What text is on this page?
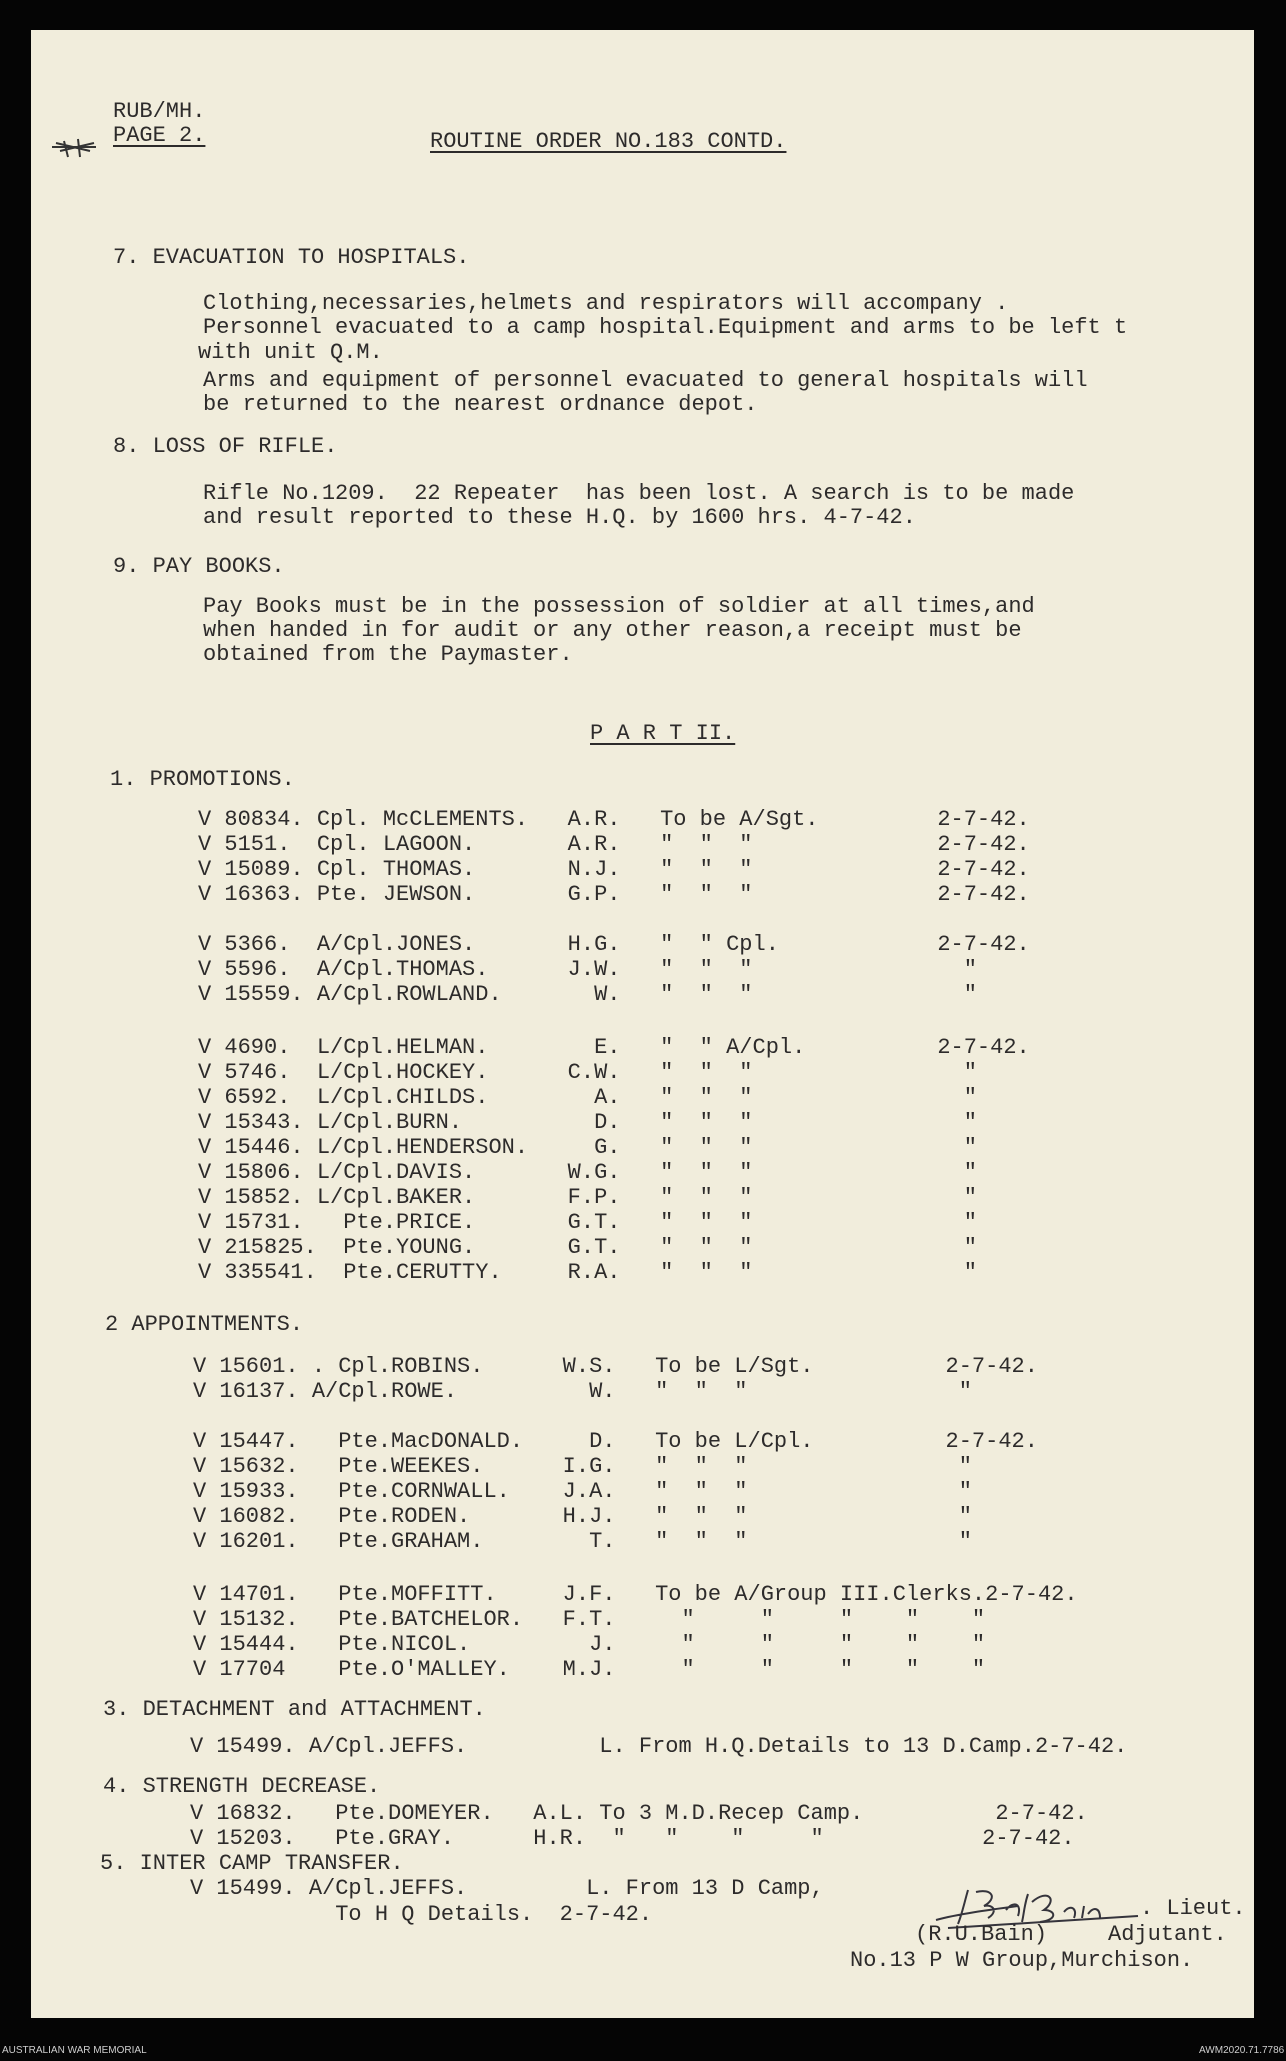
RUB/MH.
PAGE 2.	ROUTINE ORDER NO.183 CONTD.
7. EVACUATION TO HOSPITALS.
Clothing,necessaries,helmets and respirators will accompany .
Personnel evacuated to a camp hospital.Equipment and arms to be left t
with unit Q.M.
Arms and equipment of personnel evacuated to general hospitals will
be returned to the nearest ordnance depot.
8. LOSS OF RIFLE.
Rifle No.1209.  22 Repeater  has been lost. A search is to be made
and result reported to these H.Q. by 1600 hrs. 4-7-42.
9. PAY BOOKS.
Pay Books must be in the possession of soldier at all times,and
when handed in for audit or any other reason,a receipt must be
obtained from the Paymaster.
P A R T II.
1. PROMOTIONS.
V 80834. Cpl. McCLEMENTS.   A.R.   To be A/Sgt.         2-7-42.
V 5151.  Cpl. LAGOON.       A.R.   "  "  "              2-7-42.
V 15089. Cpl. THOMAS.       N.J.   "  "  "              2-7-42.
V 16363. Pte. JEWSON.       G.P.   "  "  "              2-7-42.
V 5366.  A/Cpl.JONES.       H.G.   "  " Cpl.            2-7-42.
V 5596.  A/Cpl.THOMAS.      J.W.   "  "  "                "
V 15559. A/Cpl.ROWLAND.       W.   "  "  "                "
V 4690.  L/Cpl.HELMAN.        E.   "  " A/Cpl.          2-7-42.
V 5746.  L/Cpl.HOCKEY.      C.W.   "  "  "                "
V 6592.  L/Cpl.CHILDS.        A.   "  "  "                "
V 15343. L/Cpl.BURN.          D.   "  "  "                "
V 15446. L/Cpl.HENDERSON.     G.   "  "  "                "
V 15806. L/Cpl.DAVIS.       W.G.   "  "  "                "
V 15852. L/Cpl.BAKER.       F.P.   "  "  "                "
V 15731.   Pte.PRICE.       G.T.   "  "  "                "
V 215825.  Pte.YOUNG.       G.T.   "  "  "                "
V 335541.  Pte.CERUTTY.     R.A.   "  "  "                "
2 APPOINTMENTS.
V 15601. . Cpl.ROBINS.      W.S.   To be L/Sgt.          2-7-42.
V 16137. A/Cpl.ROWE.          W.   "  "  "                "
V 15447.   Pte.MacDONALD.     D.   To be L/Cpl.          2-7-42.
V 15632.   Pte.WEEKES.      I.G.   "  "  "                "
V 15933.   Pte.CORNWALL.    J.A.   "  "  "                "
V 16082.   Pte.RODEN.       H.J.   "  "  "                "
V 16201.   Pte.GRAHAM.        T.   "  "  "                "
V 14701.   Pte.MOFFITT.     J.F.   To be A/Group III.Clerks.2-7-42.
V 15132.   Pte.BATCHELOR.   F.T.     "     "     "    "    "
V 15444.   Pte.NICOL.         J.     "     "     "    "    "
V 17704    Pte.O'MALLEY.    M.J.     "     "     "    "    "
3. DETACHMENT and ATTACHMENT.
V 15499. A/Cpl.JEFFS.          L. From H.Q.Details to 13 D.Camp.2-7-42.
4. STRENGTH DECREASE.
V 16832.   Pte.DOMEYER.   A.L. To 3 M.D.Recep Camp.          2-7-42.
V 15203.   Pte.GRAY.      H.R.  "   "    "     "            2-7-42.
5. INTER CAMP TRANSFER.
V 15499. A/Cpl.JEFFS.         L. From 13 D Camp,
To H Q Details.  2-7-42.	. Lieut.
(R.U.Bain)	Adjutant.
No.13 P W Group,Murchison.
AUSTRALIAN WAR MEMORIAL	AWM2020.71.7786
